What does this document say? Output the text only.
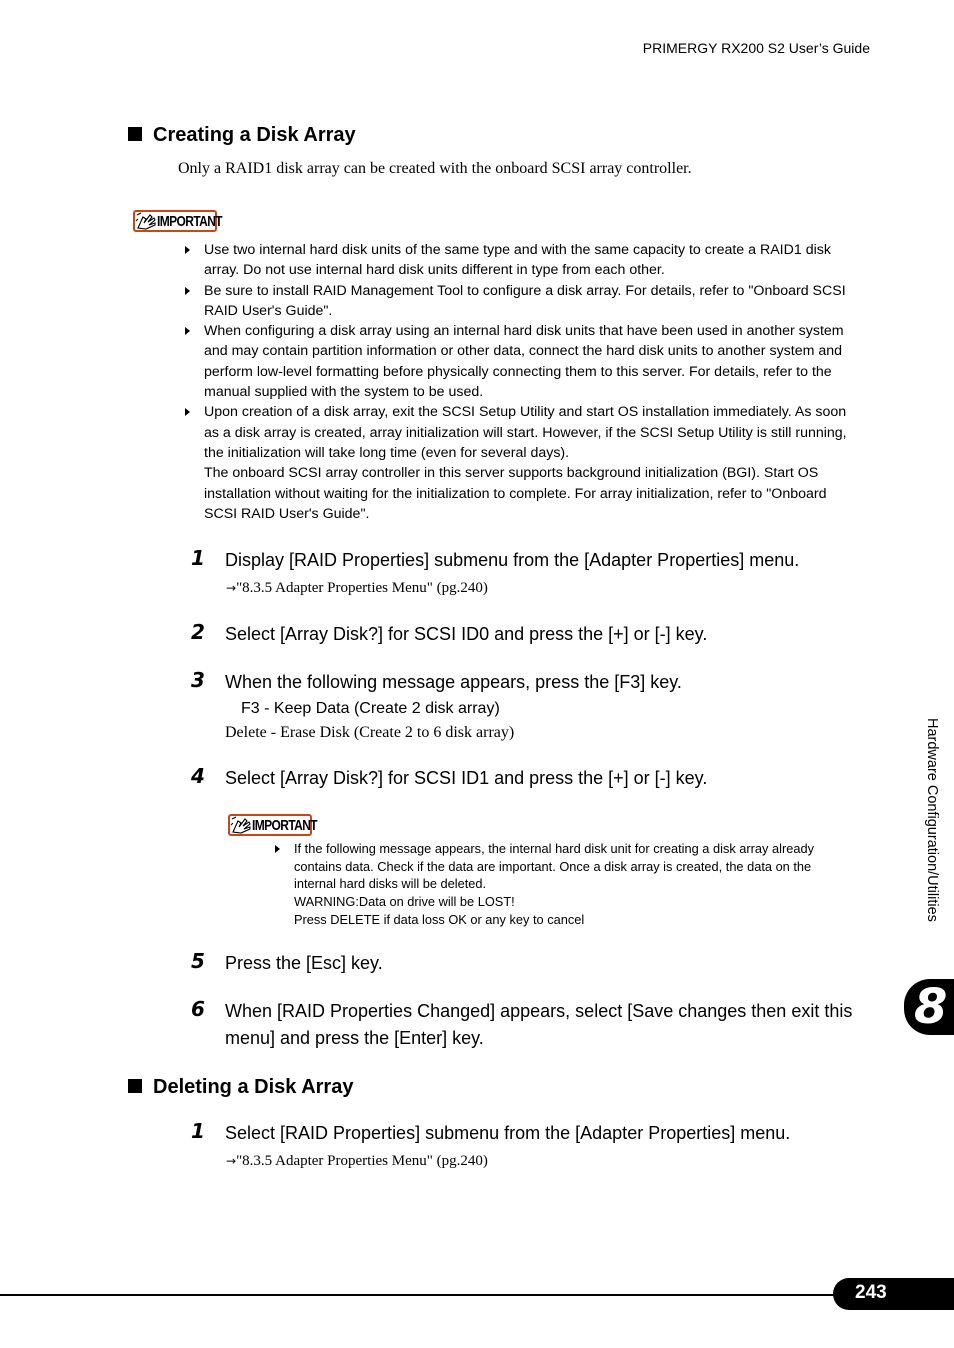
PRIMERGY RX200 S2 User’s Guide
Creating a Disk Array
Only a RAID1 disk array can be created with the onboard SCSI array controller.
IMPORTANT

Use two internal hard disk units of the same type and with the same capacity to create a RAID1 disk

array. Do not use internal hard disk units different in type from each other.

Be sure to install RAID Management Tool to configure a disk array. For details, refer to "Onboard SCSI

RAID User's Guide".

When configuring a disk array using an internal hard disk units that have been used in another system

and may contain partition information or other data, connect the hard disk units to another system and

perform low-level formatting before physically connecting them to this server. For details, refer to the

manual supplied with the system to be used.

Upon creation of a disk array, exit the SCSI Setup Utility and start OS installation immediately. As soon

as a disk array is created, array initialization will start. However, if the SCSI Setup Utility is still running,

the initialization will take long time (even for several days).

The onboard SCSI array controller in this server supports background initialization (BGI). Start OS

installation without waiting for the initialization to complete. For array initialization, refer to "Onboard

SCSI RAID User's Guide".

1 Display [RAID Properties] submenu from the [Adapter Properties] menu.
→"8.3.5 Adapter Properties Menu" (pg.240)
2 Select [Array Disk?] for SCSI ID0 and press the [+] or [-] key.
3 When the following message appears, press the [F3] key.
F3 - Keep Data (Create 2 disk array)
Delete - Erase Disk (Create 2 to 6 disk array)
4 Select [Array Disk?] for SCSI ID1 and press the [+] or [-] key.
IMPORTANT

If the following message appears, the internal hard disk unit for creating a disk array already

contains data. Check if the data are important. Once a disk array is created, the data on the

internal hard disks will be deleted.

WARNING:Data on drive will be LOST!

Press DELETE if data loss OK or any key to cancel

5 Press the [Esc] key.
6 When [RAID Properties Changed] appears, select [Save changes then exit this
menu] and press the [Enter] key.
Deleting a Disk Array
1 Select [RAID Properties] submenu from the [Adapter Properties] menu.
→"8.3.5 Adapter Properties Menu" (pg.240)
Hardware Configuration/Utilities
8
243
